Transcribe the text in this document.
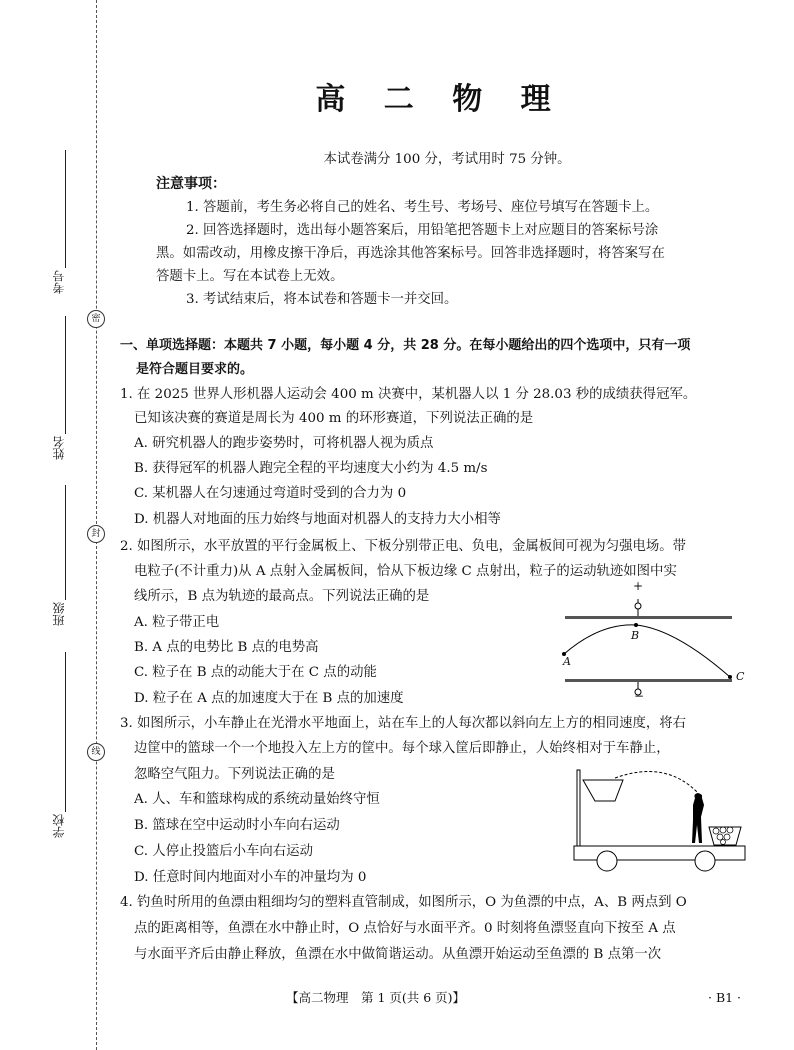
考号
姓名
班级
学校
密
封
线
高 二 物 理
本试卷满分 100 分，考试用时 75 分钟。
注意事项：
1. 答题前，考生务必将自己的姓名、考生号、考场号、座位号填写在答题卡上。
2. 回答选择题时，选出每小题答案后，用铅笔把答题卡上对应题目的答案标号涂
黑。如需改动，用橡皮擦干净后，再选涂其他答案标号。回答非选择题时，将答案写在
答题卡上。写在本试卷上无效。
3. 考试结束后，将本试卷和答题卡一并交回。
一、单项选择题：本题共 7 小题，每小题 4 分，共 28 分。在每小题给出的四个选项中，只有一项
是符合题目要求的。
1. 在 2025 世界人形机器人运动会 400 m 决赛中，某机器人以 1 分 28.03 秒的成绩获得冠军。
已知该决赛的赛道是周长为 400 m 的环形赛道，下列说法正确的是
A. 研究机器人的跑步姿势时，可将机器人视为质点
B. 获得冠军的机器人跑完全程的平均速度大小约为 4.5 m/s
C. 某机器人在匀速通过弯道时受到的合力为 0
D. 机器人对地面的压力始终与地面对机器人的支持力大小相等
2. 如图所示，水平放置的平行金属板上、下板分别带正电、负电，金属板间可视为匀强电场。带
电粒子(不计重力)从 A 点射入金属板间，恰从下板边缘 C 点射出，粒子的运动轨迹如图中实
线所示，B 点为轨迹的最高点。下列说法正确的是
A. 粒子带正电
B. A 点的电势比 B 点的电势高
C. 粒子在 B 点的动能大于在 C 点的动能
D. 粒子在 A 点的加速度大于在 B 点的加速度
+
−
A
B
C
3. 如图所示，小车静止在光滑水平地面上，站在车上的人每次都以斜向左上方的相同速度，将右
边筐中的篮球一个一个地投入左上方的筐中。每个球入筐后即静止，人始终相对于车静止，
忽略空气阻力。下列说法正确的是
A. 人、车和篮球构成的系统动量始终守恒
B. 篮球在空中运动时小车向右运动
C. 人停止投篮后小车向右运动
D. 任意时间内地面对小车的冲量均为 0
4. 钓鱼时所用的鱼漂由粗细均匀的塑料直管制成，如图所示，O 为鱼漂的中点，A、B 两点到 O
点的距离相等，鱼漂在水中静止时，O 点恰好与水面平齐。0 时刻将鱼漂竖直向下按至 A 点
与水面平齐后由静止释放，鱼漂在水中做简谐运动。从鱼漂开始运动至鱼漂的 B 点第一次
【高二物理　第 1 页(共 6 页)】	· B1 ·
